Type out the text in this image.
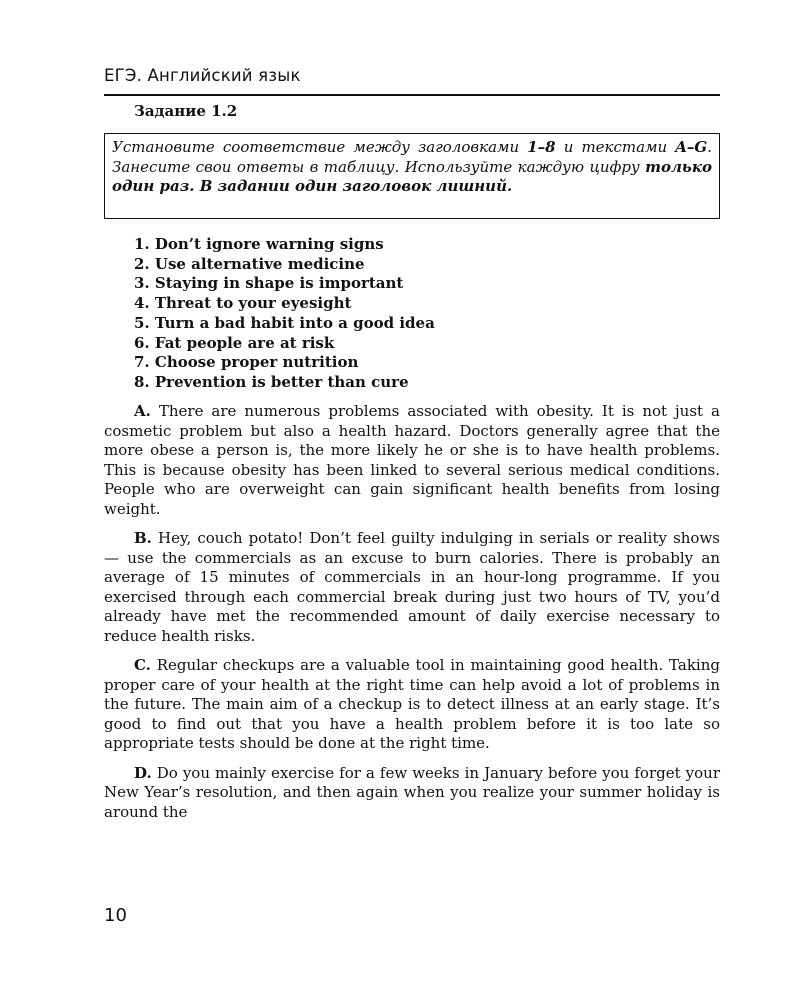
ЕГЭ. Английский язык
Задание 1.2
Установите соответствие между заголовками 1–8 и текстами A–G. Занесите свои ответы в таблицу. Используйте каждую цифру только один раз. В задании один заголовок лишний.
1. Don’t ignore warning signs
2. Use alternative medicine
3. Staying in shape is important
4. Threat to your eyesight
5. Turn a bad habit into a good idea
6. Fat people are at risk
7. Choose proper nutrition
8. Prevention is better than cure

A. There are numerous problems associated with obesity. It is not just a cosmetic problem but also a health hazard. Doctors generally agree that the more obese a person is, the more likely he or she is to have health problems. This is because obesity has been linked to several serious medical conditions. People who are overweight can gain significant health benefits from losing weight.

B. Hey, couch potato! Don’t feel guilty indulging in serials or reality shows — use the commercials as an excuse to burn calories. There is probably an average of 15 minutes of commercials in an hour-long programme. If you exercised through each commercial break during just two hours of TV, you’d already have met the recommended amount of daily exercise necessary to reduce health risks.

C. Regular checkups are a valuable tool in maintaining good health. Taking proper care of your health at the right time can help avoid a lot of problems in the future. The main aim of a checkup is to detect illness at an early stage. It’s good to find out that you have a health problem before it is too late so appropriate tests should be done at the right time.

D. Do you mainly exercise for a few weeks in January before you forget your New Year’s resolution, and then again when you realize your summer holiday is around the

10
